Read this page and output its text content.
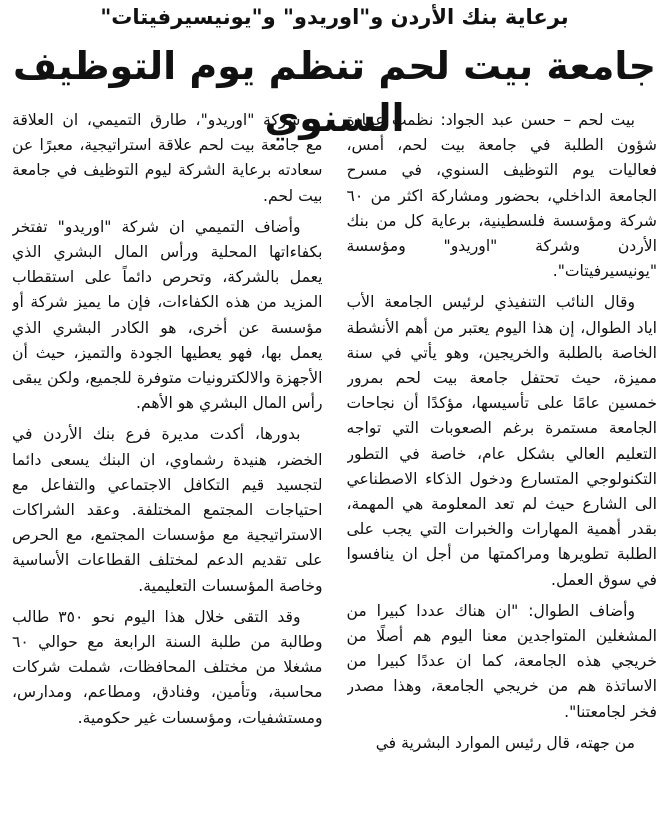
برعاية بنك الأردن و"اوريدو" و"يونيسيرفيتات"
جامعة بيت لحم تنظم يوم التوظيف السنوي

بيت لحم – حسن عبد الجواد: نظمت عمادة شؤون الطلبة في جامعة بيت لحم، أمس، فعاليات يوم التوظيف السنوي، في مسرح الجامعة الداخلي، بحضور ومشاركة اكثر من ٦٠ شركة ومؤسسة فلسطينية، برعاية كل من بنك الأردن وشركة "اوريدو" ومؤسسة "يونيسيرفيتات".

وقال النائب التنفيذي لرئيس الجامعة الأب اياد الطوال، إن هذا اليوم يعتبر من أهم الأنشطة الخاصة بالطلبة والخريجين، وهو يأتي في سنة مميزة، حيث تحتفل جامعة بيت لحم بمرور خمسين عامًا على تأسيسها، مؤكدًا أن نجاحات الجامعة مستمرة برغم الصعوبات التي تواجه التعليم العالي بشكل عام، خاصة في التطور التكنولوجي المتسارع ودخول الذكاء الاصطناعي الى الشارع حيث لم تعد المعلومة هي المهمة، بقدر أهمية المهارات والخبرات التي يجب على الطلبة تطويرها ومراكمتها من أجل ان ينافسوا في سوق العمل.

وأضاف الطوال: "ان هناك عددا كبيرا من المشغلين المتواجدين معنا اليوم هم أصلًا من خريجي هذه الجامعة، كما ان عددًا كبيرا من الاساتذة هم من خريجي الجامعة، وهذا مصدر فخر لجامعتنا".

من جهته، قال رئيس الموارد البشرية في

شركة "اوريدو"، طارق التميمي، ان العلاقة مع جامعة بيت لحم علاقة استراتيجية، معبرًا عن سعادته برعاية الشركة ليوم التوظيف في جامعة بيت لحم.

وأضاف التميمي ان شركة "اوريدو" تفتخر بكفاءاتها المحلية ورأس المال البشري الذي يعمل بالشركة، وتحرص دائماً على استقطاب المزيد من هذه الكفاءات، فإن ما يميز شركة أو مؤسسة عن أخرى، هو الكادر البشري الذي يعمل بها، فهو يعطيها الجودة والتميز، حيث أن الأجهزة والالكترونيات متوفرة للجميع، ولكن يبقى رأس المال البشري هو الأهم.

بدورها، أكدت مديرة فرع بنك الأردن في الخضر، هنيدة رشماوي، ان البنك يسعى دائما لتجسيد قيم التكافل الاجتماعي والتفاعل مع احتياجات المجتمع المختلفة. وعقد الشراكات الاستراتيجية مع مؤسسات المجتمع، مع الحرص على تقديم الدعم لمختلف القطاعات الأساسية وخاصة المؤسسات التعليمية.

وقد التقى خلال هذا اليوم نحو ٣٥٠ طالب وطالبة من طلبة السنة الرابعة مع حوالي ٦٠ مشغلا من مختلف المحافظات، شملت شركات محاسبة، وتأمين، وفنادق، ومطاعم، ومدارس، ومستشفيات، ومؤسسات غير حكومية.
